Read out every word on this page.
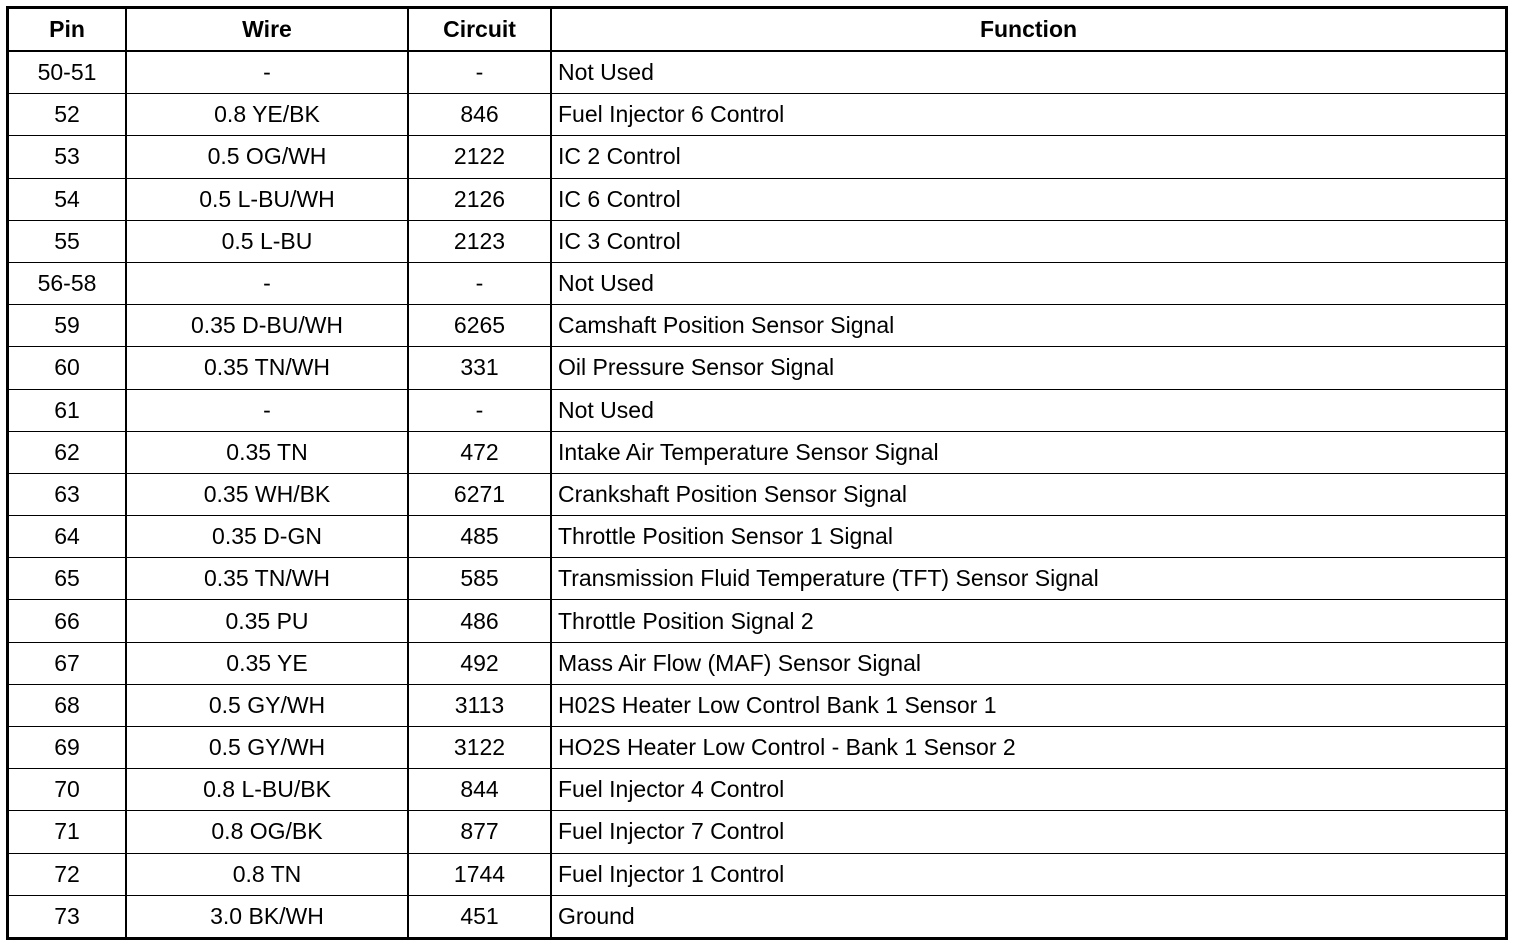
Pin	Wire	Circuit	Function
50-51	-	-	Not Used
52	0.8 YE/BK	846	Fuel Injector 6 Control
53	0.5 OG/WH	2122	IC 2 Control
54	0.5 L-BU/WH	2126	IC 6 Control
55	0.5 L-BU	2123	IC 3 Control
56-58	-	-	Not Used
59	0.35 D-BU/WH	6265	Camshaft Position Sensor Signal
60	0.35 TN/WH	331	Oil Pressure Sensor Signal
61	-	-	Not Used
62	0.35 TN	472	Intake Air Temperature Sensor Signal
63	0.35 WH/BK	6271	Crankshaft Position Sensor Signal
64	0.35 D-GN	485	Throttle Position Sensor 1 Signal
65	0.35 TN/WH	585	Transmission Fluid Temperature (TFT) Sensor Signal
66	0.35 PU	486	Throttle Position Signal 2
67	0.35 YE	492	Mass Air Flow (MAF) Sensor Signal
68	0.5 GY/WH	3113	H02S Heater Low Control Bank 1 Sensor 1
69	0.5 GY/WH	3122	HO2S Heater Low Control - Bank 1 Sensor 2
70	0.8 L-BU/BK	844	Fuel Injector 4 Control
71	0.8 OG/BK	877	Fuel Injector 7 Control
72	0.8 TN	1744	Fuel Injector 1 Control
73	3.0 BK/WH	451	Ground
